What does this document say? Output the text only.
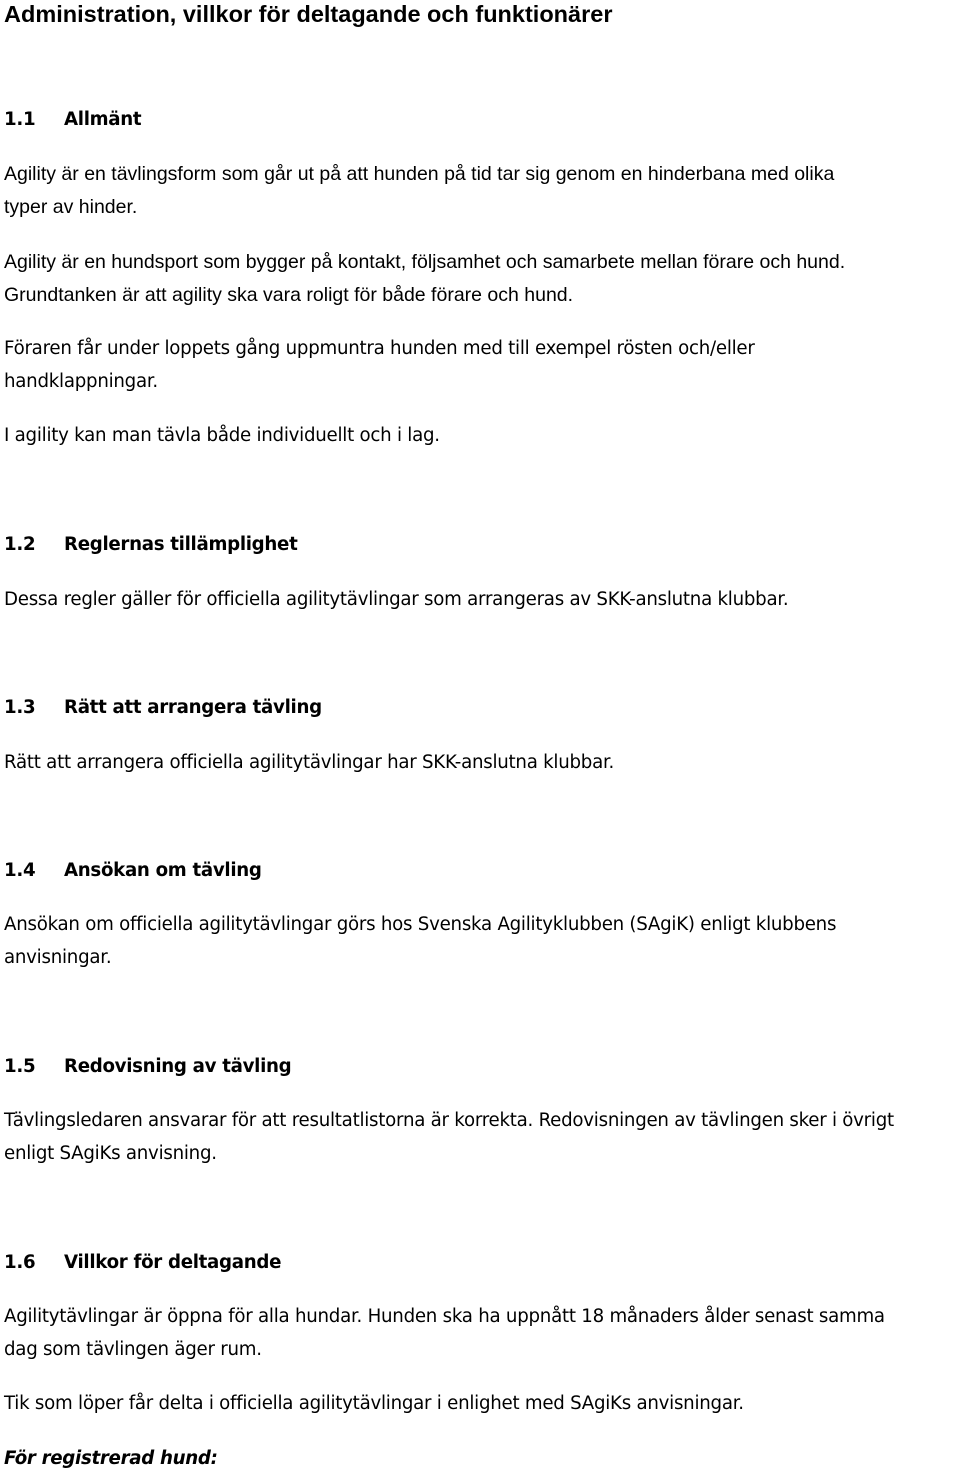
Administration, villkor för deltagande och funktionärer
1.1 Allmänt
Agility är en tävlingsform som går ut på att hunden på tid tar sig genom en hinderbana med olika
typer av hinder.
Agility är en hundsport som bygger på kontakt, följsamhet och samarbete mellan förare och hund.
Grundtanken är att agility ska vara roligt för både förare och hund.
Föraren får under loppets gång uppmuntra hunden med till exempel rösten och/eller
handklappningar.
I agility kan man tävla både individuellt och i lag.
1.2 Reglernas tillämplighet
Dessa regler gäller för officiella agilitytävlingar som arrangeras av SKK-anslutna klubbar.
1.3 Rätt att arrangera tävling
Rätt att arrangera officiella agilitytävlingar har SKK-anslutna klubbar.
1.4 Ansökan om tävling
Ansökan om officiella agilitytävlingar görs hos Svenska Agilityklubben (SAgiK) enligt klubbens
anvisningar.
1.5 Redovisning av tävling
Tävlingsledaren ansvarar för att resultatlistorna är korrekta. Redovisningen av tävlingen sker i övrigt
enligt SAgiKs anvisning.
1.6 Villkor för deltagande
Agilitytävlingar är öppna för alla hundar. Hunden ska ha uppnått 18 månaders ålder senast samma
dag som tävlingen äger rum.
Tik som löper får delta i officiella agilitytävlingar i enlighet med SAgiKs anvisningar.
För registrerad hund:
